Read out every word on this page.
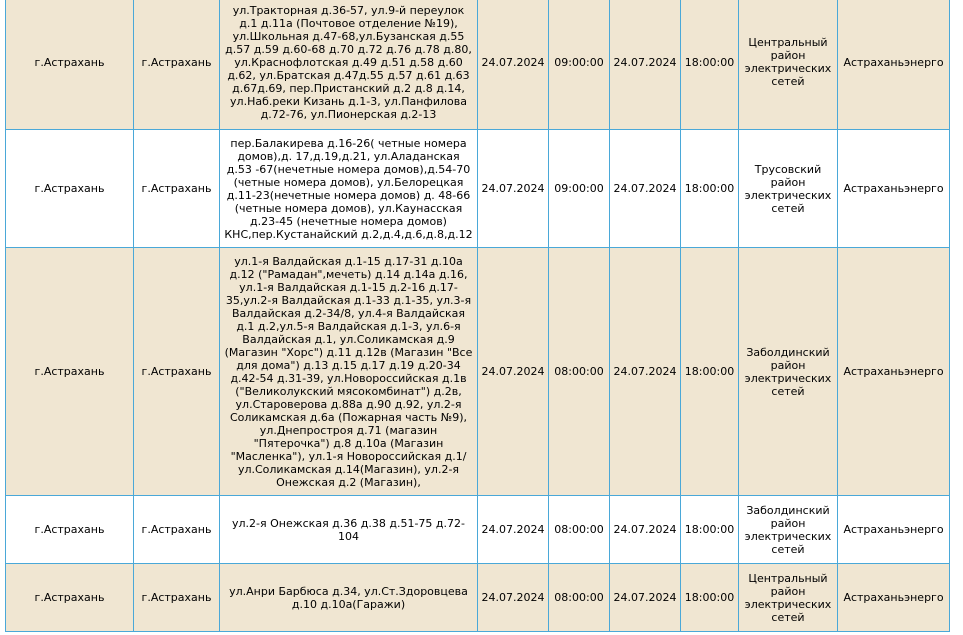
г.Астрахань	г.Астрахань	ул.Тракторная д.36-57, ул.9-й переулок д.1 д.11а (Почтовое отделение №19), ул.Школьная д.47-68,ул.Бузанская д.55 д.57 д.59 д.60-68 д.70 д.72 д.76 д.78 д.80, ул.Краснофлотская д.49 д.51 д.58 д.60 д.62, ул.Братская д.47д.55 д.57 д.61 д.63 д.67д.69, пер.Пристанский д.2 д.8 д.14, ул.Наб.реки Кизань д.1-3, ул.Панфилова д.72-76, ул.Пионерская д.2-13	24.07.2024	09:00:00	24.07.2024	18:00:00	Центральный район электрических сетей	Астраханьэнерго
г.Астрахань	г.Астрахань	пер.Балакирева д.16-26( четные номера домов),д. 17,д.19,д.21, ул.Аладанская д.53 -67(нечетные номера домов),д.54-70 (четные номера домов), ул.Белорецкая д.11-23(нечетные номера домов) д. 48-66 (четные номера домов), ул.Каунасская д.23-45 (нечетные номера домов) КНС,пер.Кустанайский д.2,д.4,д.6,д.8,д.12	24.07.2024	09:00:00	24.07.2024	18:00:00	Трусовский район электрических сетей	Астраханьэнерго
г.Астрахань	г.Астрахань	ул.1-я Валдайская д.1-15 д.17-31 д.10а д.12 ("Рамадан",мечеть) д.14 д.14а д.16, ул.1-я Валдайская д.1-15 д.2-16 д.17-35,ул.2-я Валдайская д.1-33 д.1-35, ул.3-я Валдайская д.2-34/8, ул.4-я Валдайская д.1 д.2,ул.5-я Валдайская д.1-3, ул.6-я Валдайская д.1, ул.Соликамская д.9 (Магазин "Хорс") д.11 д.12в (Магазин "Все для дома") д.13 д.15 д.17 д.19 д.20-34 д.42-54 д.31-39, ул.Новороссийская д.1в ("Великолукский мясокомбинат") д.2в, ул.Староверова д.88а д.90 д.92, ул.2-я Соликамская д.6а (Пожарная часть №9), ул.Днепростроя д.71 (магазин "Пятерочка") д.8 д.10а (Магазин "Масленка"), ул.1-я Новороссийская д.1/ ул.Соликамская д.14(Магазин), ул.2-я Онежская д.2 (Магазин),	24.07.2024	08:00:00	24.07.2024	18:00:00	Заболдинский район электрических сетей	Астраханьэнерго
г.Астрахань	г.Астрахань	ул.2-я Онежская д.36 д.38 д.51-75 д.72-104	24.07.2024	08:00:00	24.07.2024	18:00:00	Заболдинский район электрических сетей	Астраханьэнерго
г.Астрахань	г.Астрахань	ул.Анри Барбюса д.34, ул.Ст.Здоровцева д.10 д.10а(Гаражи)	24.07.2024	08:00:00	24.07.2024	18:00:00	Центральный район электрических сетей	Астраханьэнерго
